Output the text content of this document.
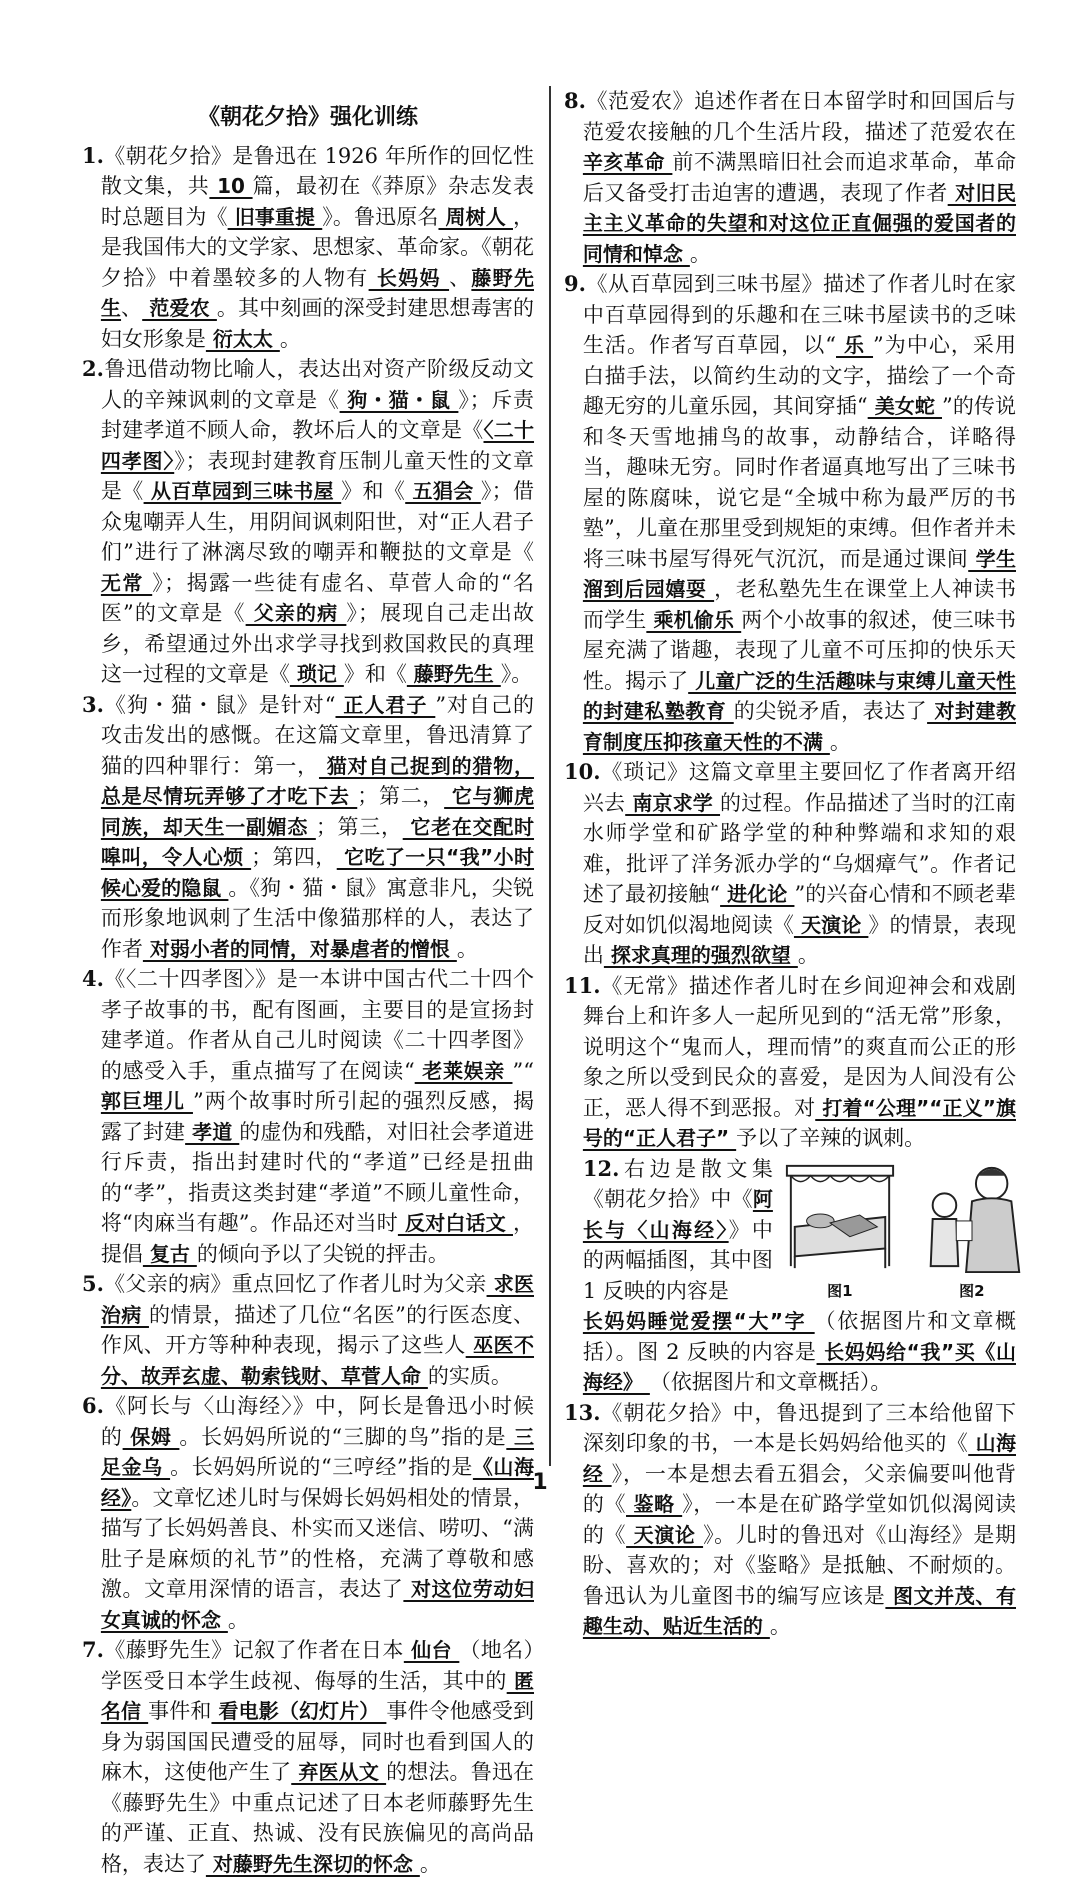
《朝花夕拾》强化训练

1.《朝花夕拾》是鲁迅在 1926 年所作的回忆性散文集，共 10 篇，最初在《莽原》杂志发表时总题目为《 旧事重提 》。鲁迅原名 周树人 ，是我国伟大的文学家、思想家、革命家。《朝花夕拾》中着墨较多的人物有 长妈妈 、藤野先生、 范爱农 。其中刻画的深受封建思想毒害的妇女形象是 衍太太 。

2.鲁迅借动物比喻人，表达出对资产阶级反动文人的辛辣讽刺的文章是《 狗・猫・鼠 》；斥责封建孝道不顾人命，教坏后人的文章是《〈二十四孝图〉》；表现封建教育压制儿童天性的文章是《 从百草园到三味书屋 》和《 五猖会 》；借众鬼嘲弄人生，用阴间讽刺阳世，对“正人君子们”进行了淋漓尽致的嘲弄和鞭挞的文章是《 无常 》；揭露一些徒有虚名、草菅人命的“名医”的文章是《 父亲的病 》；展现自己走出故乡，希望通过外出求学寻找到救国救民的真理这一过程的文章是《 琐记 》和《 藤野先生 》。

3.《狗・猫・鼠》是针对“ 正人君子 ”对自己的攻击发出的感慨。在这篇文章里，鲁迅清算了猫的四种罪行：第一， 猫对自己捉到的猎物，总是尽情玩弄够了才吃下去 ；第二， 它与狮虎同族，却天生一副媚态 ；第三， 它老在交配时嗥叫，令人心烦 ；第四， 它吃了一只“我”小时候心爱的隐鼠 。《狗・猫・鼠》寓意非凡，尖锐而形象地讽刺了生活中像猫那样的人，表达了作者 对弱小者的同情，对暴虐者的憎恨 。

4.《〈二十四孝图〉》是一本讲中国古代二十四个孝子故事的书，配有图画，主要目的是宣扬封建孝道。作者从自己儿时阅读《二十四孝图》的感受入手，重点描写了在阅读“ 老莱娱亲 ”“ 郭巨埋儿 ”两个故事时所引起的强烈反感，揭露了封建 孝道 的虚伪和残酷，对旧社会孝道进行斥责，指出封建时代的“孝道”已经是扭曲的“孝”，指责这类封建“孝道”不顾儿童性命，将“肉麻当有趣”。作品还对当时 反对白话文 ，提倡 复古 的倾向予以了尖锐的抨击。

5.《父亲的病》重点回忆了作者儿时为父亲 求医治病 的情景，描述了几位“名医”的行医态度、作风、开方等种种表现，揭示了这些人 巫医不分、故弄玄虚、勒索钱财、草菅人命 的实质。

6.《阿长与〈山海经〉》中，阿长是鲁迅小时候的 保姆 。长妈妈所说的“三脚的鸟”指的是 三足金乌 。长妈妈所说的“三哼经”指的是《山海经》。文章忆述儿时与保姆长妈妈相处的情景，描写了长妈妈善良、朴实而又迷信、唠叨、“满肚子是麻烦的礼节”的性格，充满了尊敬和感激。文章用深情的语言，表达了 对这位劳动妇女真诚的怀念 。

7.《藤野先生》记叙了作者在日本 仙台 （地名）学医受日本学生歧视、侮辱的生活，其中的 匿名信 事件和 看电影（幻灯片） 事件令他感受到身为弱国国民遭受的屈辱，同时也看到国人的麻木，这使他产生了 弃医从文 的想法。鲁迅在《藤野先生》中重点记述了日本老师藤野先生的严谨、正直、热诚、没有民族偏见的高尚品格，表达了 对藤野先生深切的怀念 。

8.《范爱农》追述作者在日本留学时和回国后与范爱农接触的几个生活片段，描述了范爱农在 辛亥革命 前不满黑暗旧社会而追求革命，革命后又备受打击迫害的遭遇，表现了作者 对旧民主主义革命的失望和对这位正直倔强的爱国者的同情和悼念 。

9.《从百草园到三味书屋》描述了作者儿时在家中百草园得到的乐趣和在三味书屋读书的乏味生活。作者写百草园，以“ 乐 ”为中心，采用白描手法，以简约生动的文字，描绘了一个奇趣无穷的儿童乐园，其间穿插“ 美女蛇 ”的传说和冬天雪地捕鸟的故事，动静结合，详略得当，趣味无穷。同时作者逼真地写出了三味书屋的陈腐味，说它是“全城中称为最严厉的书塾”，儿童在那里受到规矩的束缚。但作者并未将三味书屋写得死气沉沉，而是通过课间 学生溜到后园嬉耍 ，老私塾先生在课堂上人神读书而学生 乘机偷乐 两个小故事的叙述，使三味书屋充满了谐趣，表现了儿童不可压抑的快乐天性。揭示了 儿童广泛的生活趣味与束缚儿童天性的封建私塾教育 的尖锐矛盾，表达了 对封建教育制度压抑孩童天性的不满 。

10.《琐记》这篇文章里主要回忆了作者离开绍兴去 南京求学 的过程。作品描述了当时的江南水师学堂和矿路学堂的种种弊端和求知的艰难，批评了洋务派办学的“乌烟瘴气”。作者记述了最初接触“ 进化论 ”的兴奋心情和不顾老辈反对如饥似渴地阅读《 天演论 》的情景，表现出 探求真理的强烈欲望 。

11.《无常》描述作者儿时在乡间迎神会和戏剧舞台上和许多人一起所见到的“活无常”形象，说明这个“鬼而人，理而情”的爽直而公正的形象之所以受到民众的喜爱，是因为人间没有公正，恶人得不到恶报。对 打着“公理”“正义”旗号的“正人君子” 予以了辛辣的讽刺。

12.右边是散文集《朝花夕拾》中《阿长与〈山海经〉》中的两幅插图，其中图 1 反映的内容是	图1	图2

长妈妈睡觉爱摆“大”字 （依据图片和文章概括）。图 2 反映的内容是 长妈妈给“我”买《山海经》 （依据图片和文章概括）。

13.《朝花夕拾》中，鲁迅提到了三本给他留下深刻印象的书，一本是长妈妈给他买的《 山海经 》，一本是想去看五猖会，父亲偏要叫他背的《 鉴略 》，一本是在矿路学堂如饥似渴阅读的《 天演论 》。儿时的鲁迅对《山海经》是期盼、喜欢的；对《鉴略》是抵触、不耐烦的。鲁迅认为儿童图书的编写应该是 图文并茂、有趣生动、贴近生活的 。

1
